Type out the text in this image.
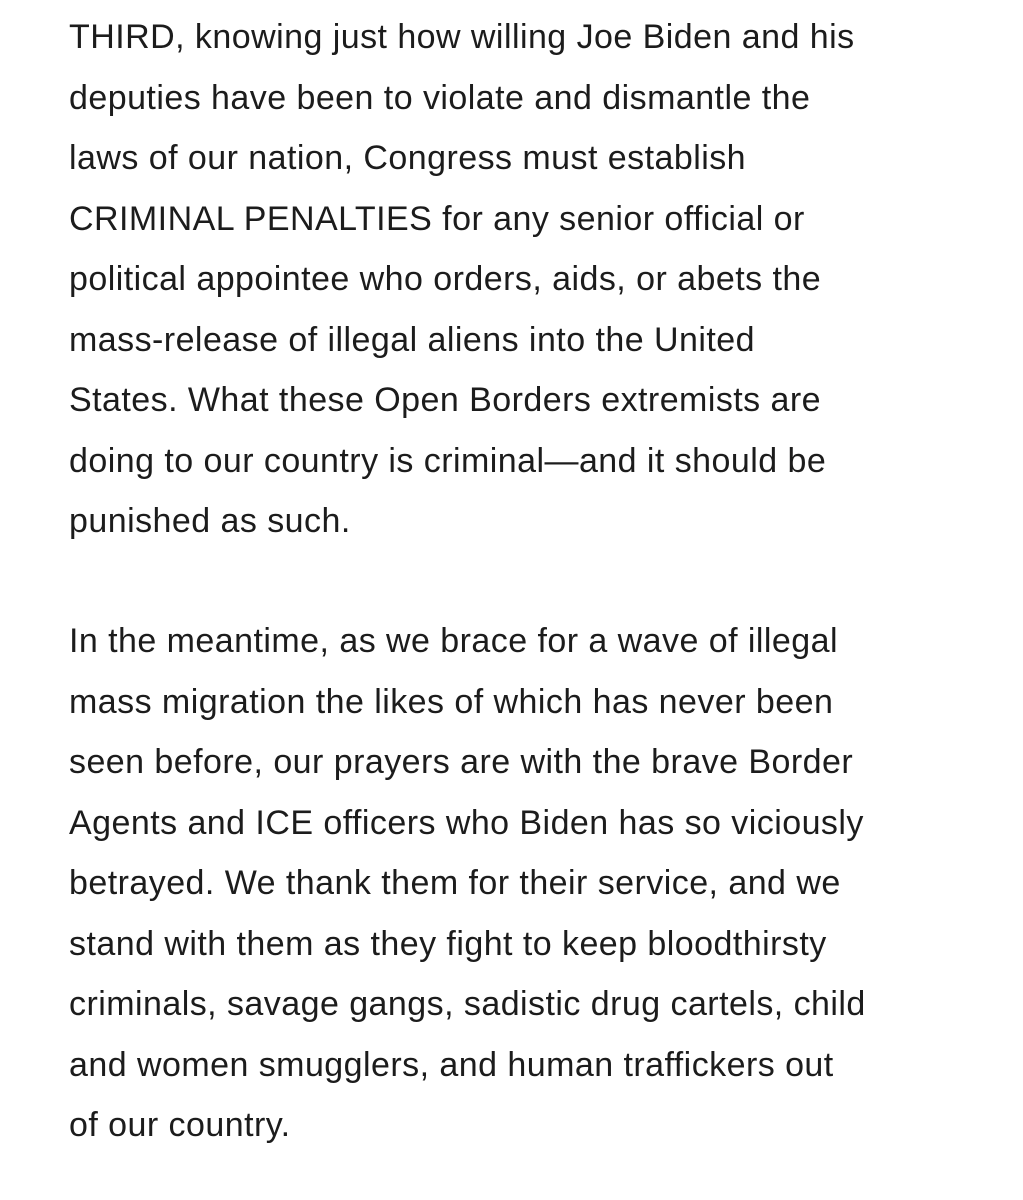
THIRD, knowing just how willing Joe Biden and his
deputies have been to violate and dismantle the
laws of our nation, Congress must establish
CRIMINAL PENALTIES for any senior official or
political appointee who orders, aids, or abets the
mass-release of illegal aliens into the United
States. What these Open Borders extremists are
doing to our country is criminal—and it should be
punished as such.

In the meantime, as we brace for a wave of illegal
mass migration the likes of which has never been
seen before, our prayers are with the brave Border
Agents and ICE officers who Biden has so viciously
betrayed. We thank them for their service, and we
stand with them as they fight to keep bloodthirsty
criminals, savage gangs, sadistic drug cartels, child
and women smugglers, and human traffickers out
of our country.
